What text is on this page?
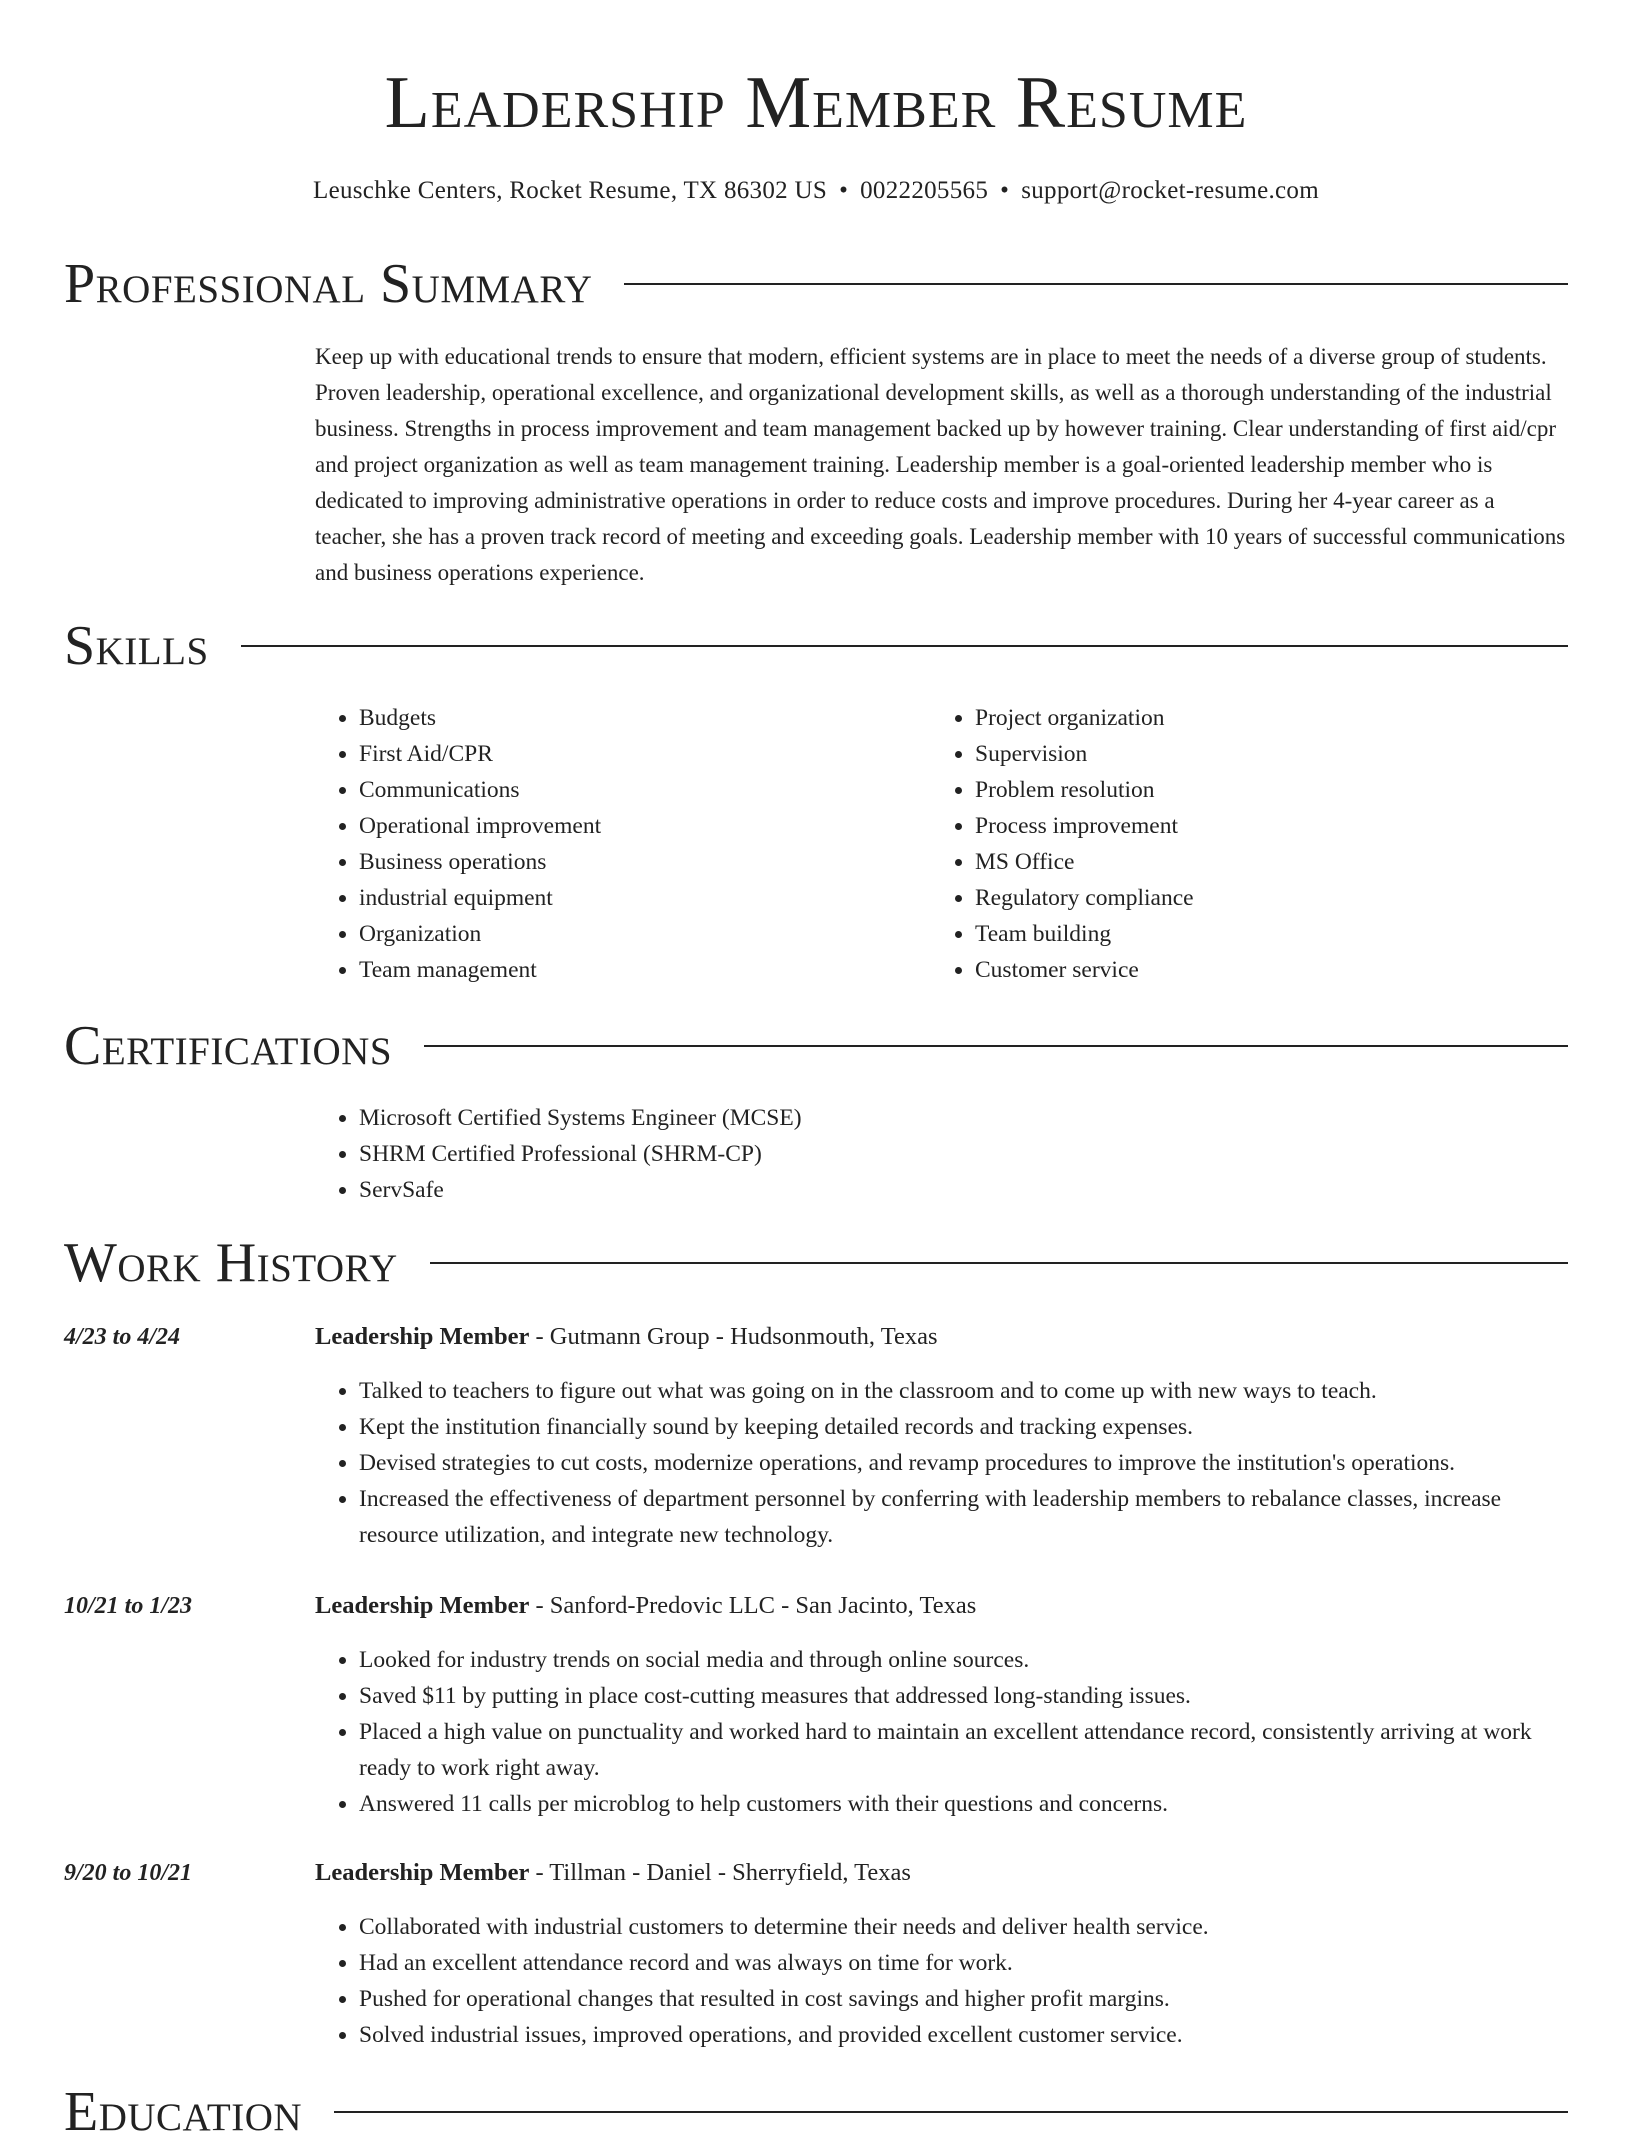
Leadership Member Resume
Leuschke Centers, Rocket Resume, TX 86302 US • 0022205565 • support@rocket-resume.com
Professional Summary

Keep up with educational trends to ensure that modern, efficient systems are in place to meet the needs of a diverse group of students. Proven leadership, operational excellence, and organizational development skills, as well as a thorough understanding of the industrial business. Strengths in process improvement and team management backed up by however training. Clear understanding of first aid/cpr and project organization as well as team management training. Leadership member is a goal-oriented leadership member who is dedicated to improving administrative operations in order to reduce costs and improve procedures. During her 4-year career as a teacher, she has a proven track record of meeting and exceeding goals. Leadership member with 10 years of successful communications and business operations experience.

Skills
• Budgets
• First Aid/CPR
• Communications
• Operational improvement
• Business operations
• industrial equipment
• Organization
• Team management
• Project organization
• Supervision
• Problem resolution
• Process improvement
• MS Office
• Regulatory compliance
• Team building
• Customer service
Certifications
• Microsoft Certified Systems Engineer (MCSE)
• SHRM Certified Professional (SHRM-CP)
• ServSafe
Work History
4/23 to 4/24	Leadership Member - Gutmann Group - Hudsonmouth, Texas
• Talked to teachers to figure out what was going on in the classroom and to come up with new ways to teach.
• Kept the institution financially sound by keeping detailed records and tracking expenses.
• Devised strategies to cut costs, modernize operations, and revamp procedures to improve the institution's operations.
• Increased the effectiveness of department personnel by conferring with leadership members to rebalance classes, increase resource utilization, and integrate new technology.
10/21 to 1/23	Leadership Member - Sanford-Predovic LLC - San Jacinto, Texas
• Looked for industry trends on social media and through online sources.
• Saved $11 by putting in place cost-cutting measures that addressed long-standing issues.
• Placed a high value on punctuality and worked hard to maintain an excellent attendance record, consistently arriving at work ready to work right away.
• Answered 11 calls per microblog to help customers with their questions and concerns.
9/20 to 10/21	Leadership Member - Tillman - Daniel - Sherryfield, Texas
• Collaborated with industrial customers to determine their needs and deliver health service.
• Had an excellent attendance record and was always on time for work.
• Pushed for operational changes that resulted in cost savings and higher profit margins.
• Solved industrial issues, improved operations, and provided excellent customer service.
Education
